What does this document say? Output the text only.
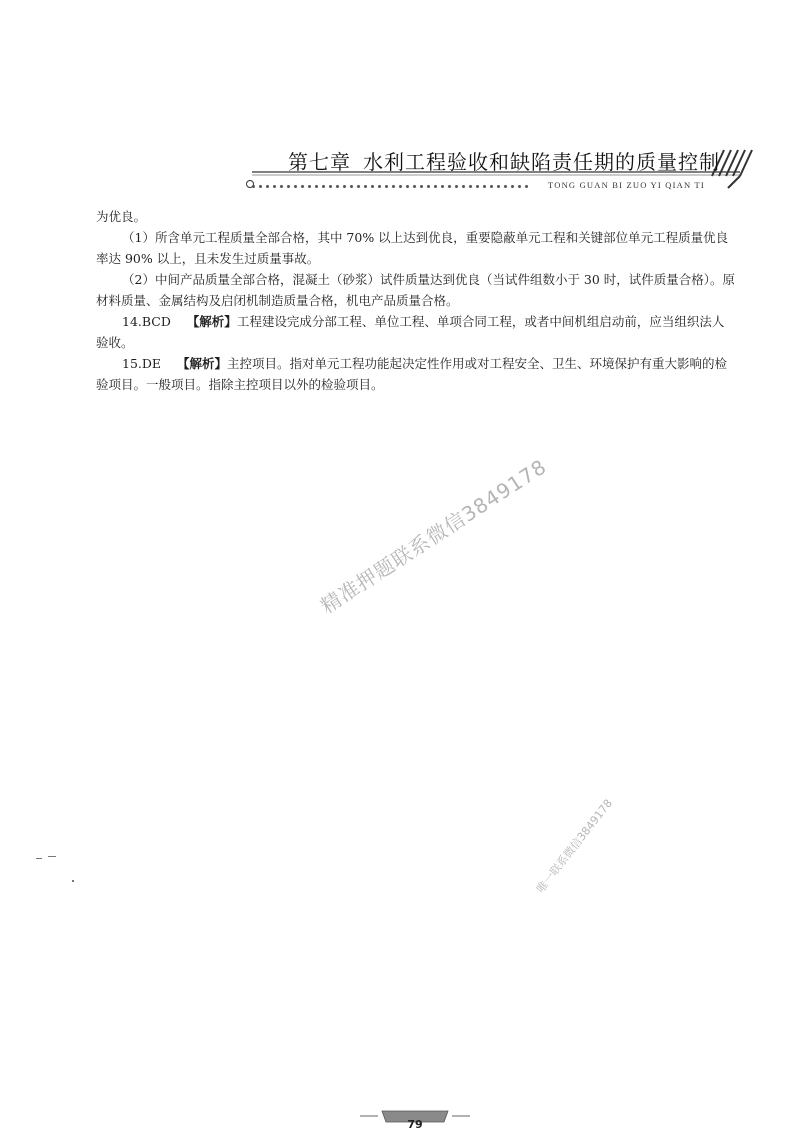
第七章 水利工程验收和缺陷责任期的质量控制
TONG GUAN BI ZUO YI QIAN TI

为优良。

（1）所含单元工程质量全部合格，其中 70% 以上达到优良，重要隐蔽单元工程和关键部位单元工程质量优良率达 90% 以上，且未发生过质量事故。

（2）中间产品质量全部合格，混凝土（砂浆）试件质量达到优良（当试件组数小于 30 时，试件质量合格）。原材料质量、金属结构及启闭机制造质量合格，机电产品质量合格。

14.BCD 【解析】工程建设完成分部工程、单位工程、单项合同工程，或者中间机组启动前，应当组织法人验收。

15.DE 【解析】主控项目。指对单元工程功能起决定性作用或对工程安全、卫生、环境保护有重大影响的检验项目。一般项目。指除主控项目以外的检验项目。

精准押题联系微信3849178
唯一联系微信3849178
79
